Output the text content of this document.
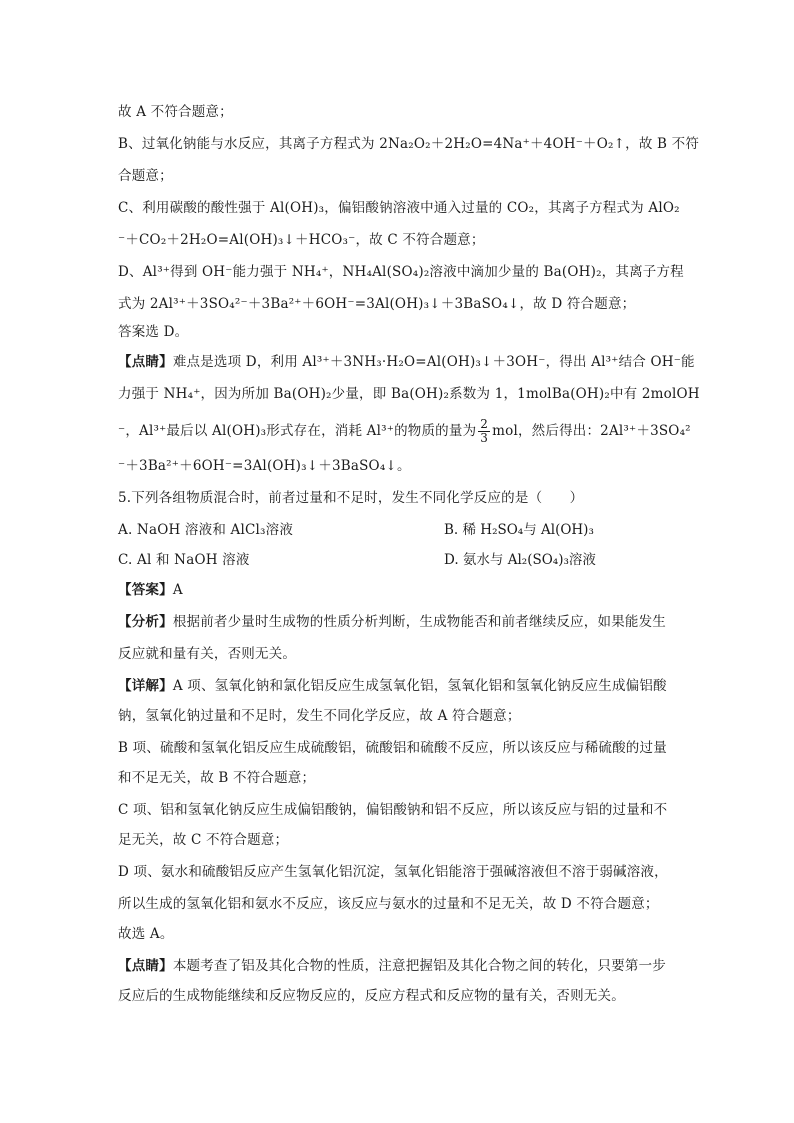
故 A 不符合题意；
B、过氧化钠能与水反应，其离子方程式为 2Na₂O₂＋2H₂O=4Na⁺＋4OH⁻＋O₂↑，故 B 不符
合题意；
C、利用碳酸的酸性强于 Al(OH)₃，偏铝酸钠溶液中通入过量的 CO₂，其离子方程式为 AlO₂
⁻＋CO₂＋2H₂O=Al(OH)₃↓＋HCO₃⁻，故 C 不符合题意；
D、Al³⁺得到 OH⁻能力强于 NH₄⁺，NH₄Al(SO₄)₂溶液中滴加少量的 Ba(OH)₂，其离子方程
式为 2Al³⁺＋3SO₄²⁻＋3Ba²⁺＋6OH⁻=3Al(OH)₃↓＋3BaSO₄↓，故 D 符合题意；
答案选 D。
【点睛】难点是选项 D，利用 Al³⁺＋3NH₃·H₂O=Al(OH)₃↓＋3OH⁻，得出 Al³⁺结合 OH⁻能
力强于 NH₄⁺，因为所加 Ba(OH)₂少量，即 Ba(OH)₂系数为 1，1molBa(OH)₂中有 2molOH
⁻，Al³⁺最后以 Al(OH)₃形式存在，消耗 Al³⁺的物质的量为 $\frac{2}{3}$ mol，然后得出：2Al³⁺＋3SO₄²
⁻＋3Ba²⁺＋6OH⁻=3Al(OH)₃↓＋3BaSO₄↓。
5.下列各组物质混合时，前者过量和不足时，发生不同化学反应的是（　　）
A. NaOH 溶液和 AlCl₃溶液	B. 稀 H₂SO₄与 Al(OH)₃
C. Al 和 NaOH 溶液	D. 氨水与 Al₂(SO₄)₃溶液
【答案】A
【分析】根据前者少量时生成物的性质分析判断，生成物能否和前者继续反应，如果能发生
反应就和量有关，否则无关。
【详解】A 项、氢氧化钠和氯化铝反应生成氢氧化铝，氢氧化铝和氢氧化钠反应生成偏铝酸
钠，氢氧化钠过量和不足时，发生不同化学反应，故 A 符合题意；
B 项、硫酸和氢氧化铝反应生成硫酸铝，硫酸铝和硫酸不反应，所以该反应与稀硫酸的过量
和不足无关，故 B 不符合题意；
C 项、铝和氢氧化钠反应生成偏铝酸钠，偏铝酸钠和铝不反应，所以该反应与铝的过量和不
足无关，故 C 不符合题意；
D 项、氨水和硫酸铝反应产生氢氧化铝沉淀，氢氧化铝能溶于强碱溶液但不溶于弱碱溶液，
所以生成的氢氧化铝和氨水不反应，该反应与氨水的过量和不足无关，故 D 不符合题意；
故选 A。
【点睛】本题考查了铝及其化合物的性质，注意把握铝及其化合物之间的转化，只要第一步
反应后的生成物能继续和反应物反应的，反应方程式和反应物的量有关，否则无关。
